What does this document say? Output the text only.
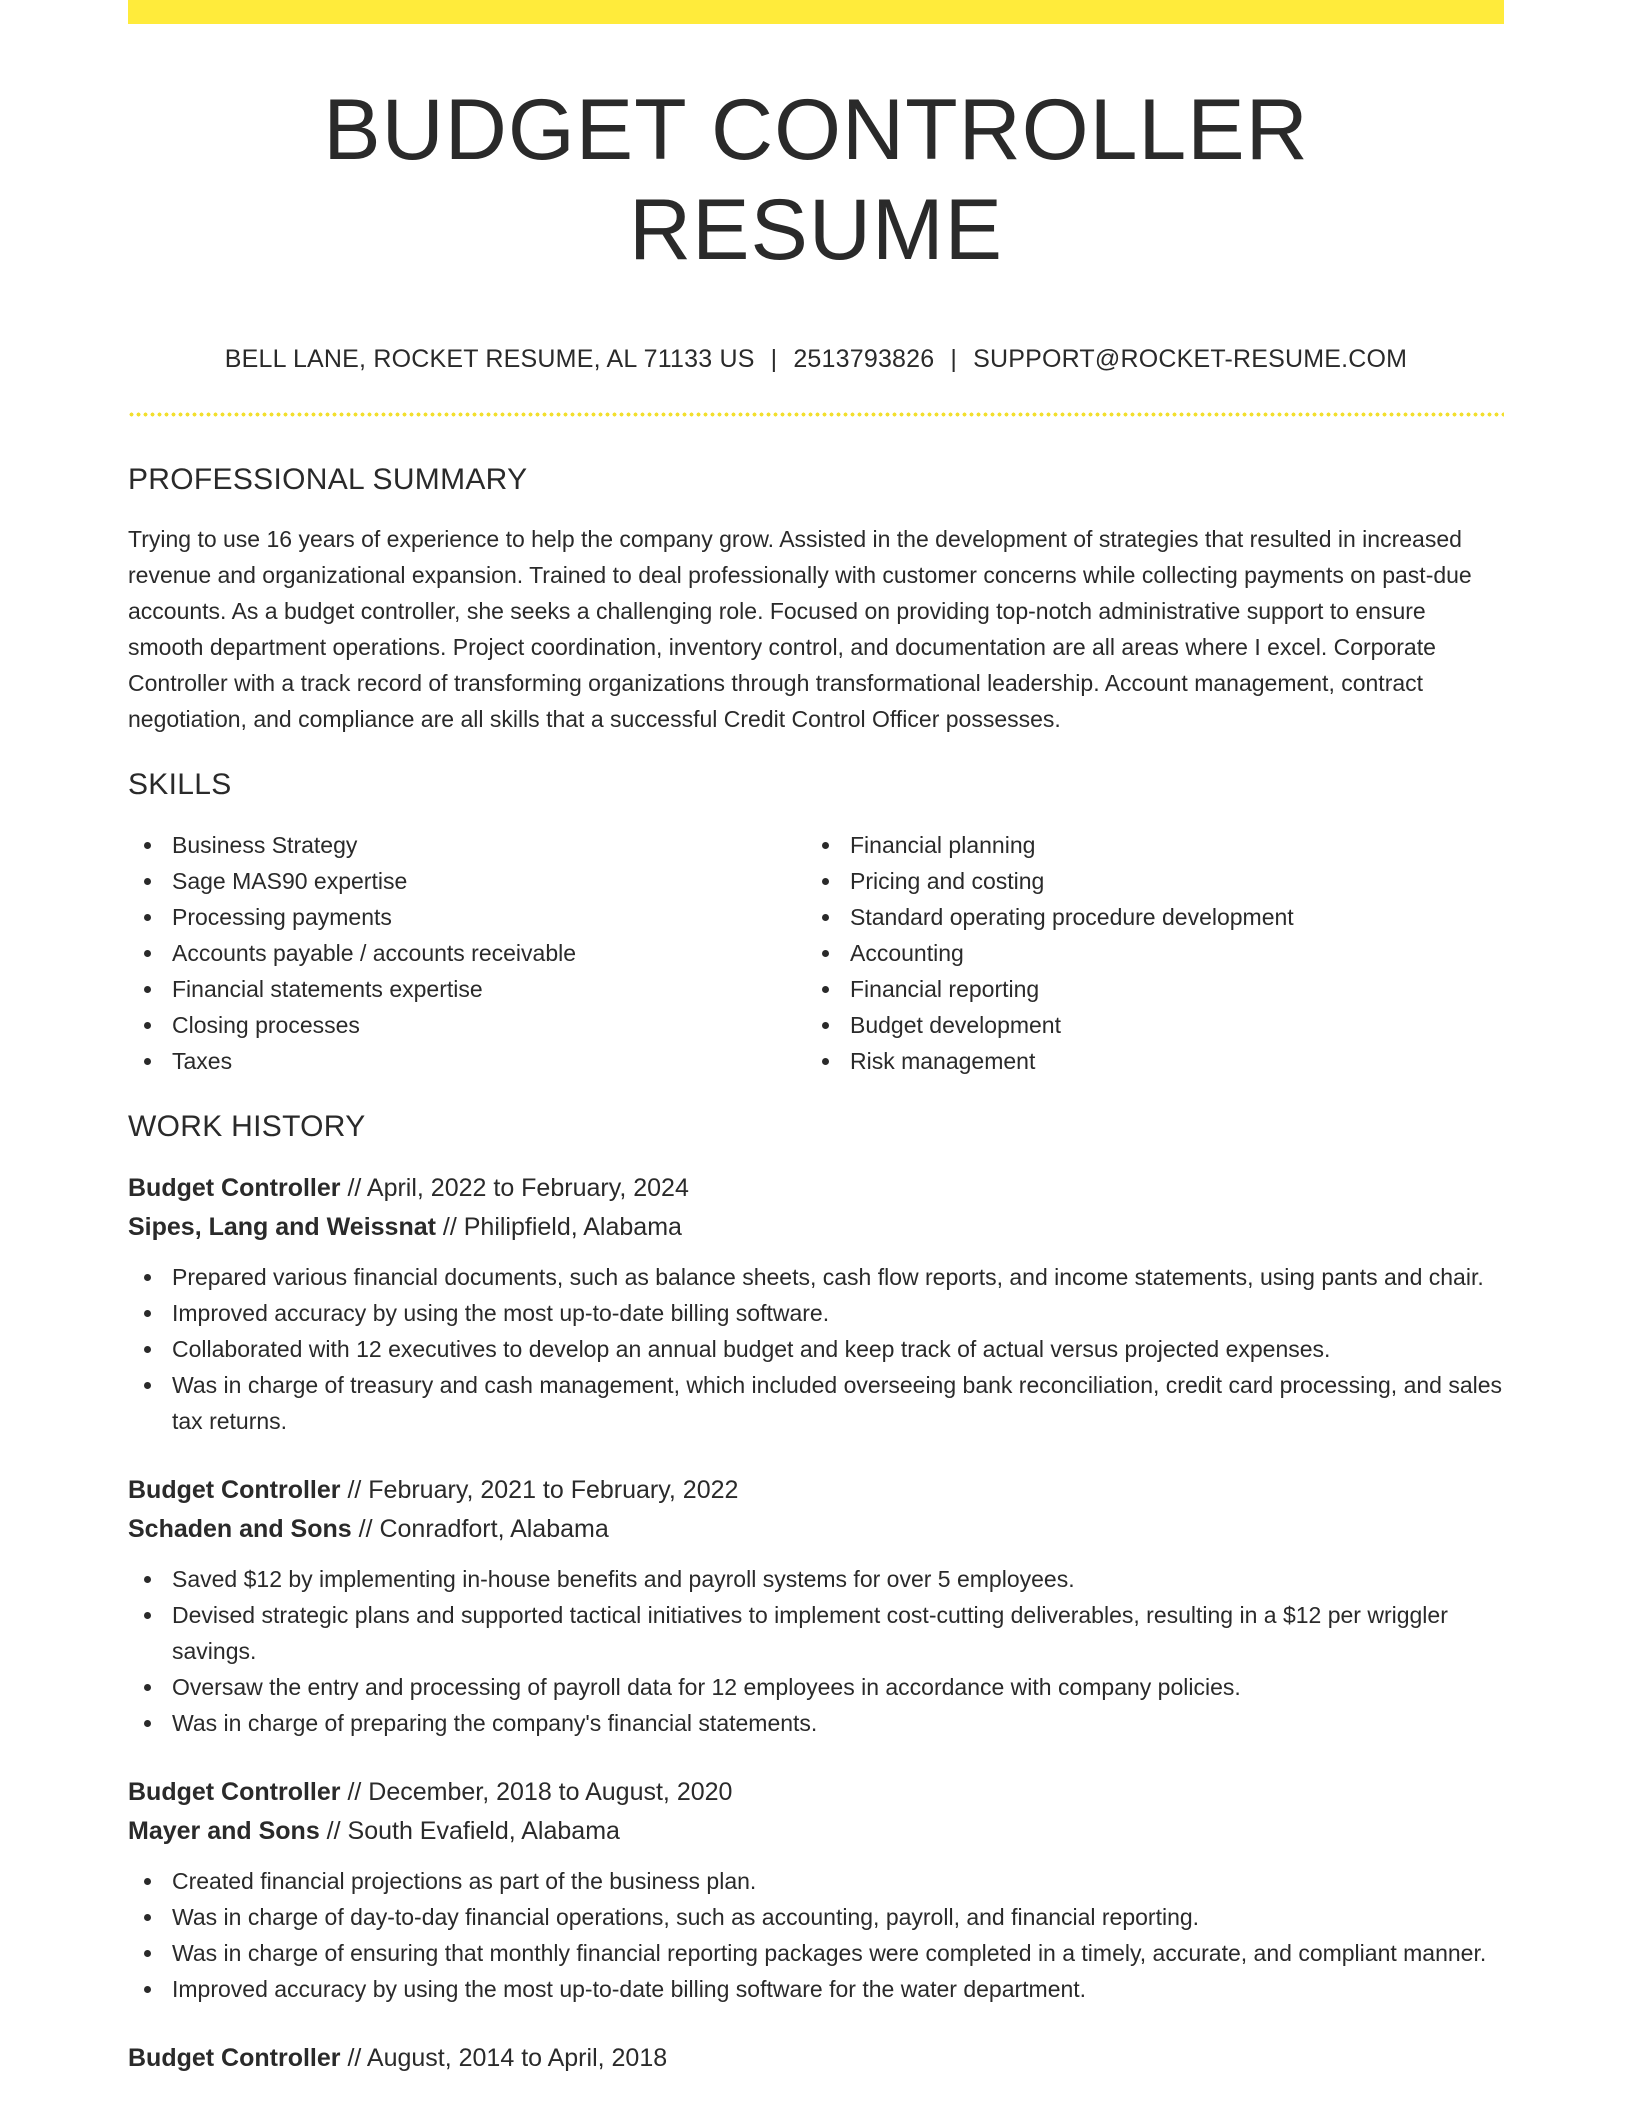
BUDGET CONTROLLER RESUME
BELL LANE, ROCKET RESUME, AL 71133 US | 2513793826 | SUPPORT@ROCKET-RESUME.COM
PROFESSIONAL SUMMARY

Trying to use 16 years of experience to help the company grow. Assisted in the development of strategies that resulted in increased revenue and organizational expansion. Trained to deal professionally with customer concerns while collecting payments on past-due accounts. As a budget controller, she seeks a challenging role. Focused on providing top-notch administrative support to ensure smooth department operations. Project coordination, inventory control, and documentation are all areas where I excel. Corporate Controller with a track record of transforming organizations through transformational leadership. Account management, contract negotiation, and compliance are all skills that a successful Credit Control Officer possesses.

SKILLS
Business Strategy
Sage MAS90 expertise
Processing payments
Accounts payable / accounts receivable
Financial statements expertise
Closing processes
Taxes
Financial planning
Pricing and costing
Standard operating procedure development
Accounting
Financial reporting
Budget development
Risk management
WORK HISTORY
Budget Controller // April, 2022 to February, 2024
Sipes, Lang and Weissnat // Philipfield, Alabama
Prepared various financial documents, such as balance sheets, cash flow reports, and income statements, using pants and chair.
Improved accuracy by using the most up-to-date billing software.
Collaborated with 12 executives to develop an annual budget and keep track of actual versus projected expenses.
Was in charge of treasury and cash management, which included overseeing bank reconciliation, credit card processing, and sales tax returns.
Budget Controller // February, 2021 to February, 2022
Schaden and Sons // Conradfort, Alabama
Saved $12 by implementing in-house benefits and payroll systems for over 5 employees.
Devised strategic plans and supported tactical initiatives to implement cost-cutting deliverables, resulting in a $12 per wriggler savings.
Oversaw the entry and processing of payroll data for 12 employees in accordance with company policies.
Was in charge of preparing the company's financial statements.
Budget Controller // December, 2018 to August, 2020
Mayer and Sons // South Evafield, Alabama
Created financial projections as part of the business plan.
Was in charge of day-to-day financial operations, such as accounting, payroll, and financial reporting.
Was in charge of ensuring that monthly financial reporting packages were completed in a timely, accurate, and compliant manner.
Improved accuracy by using the most up-to-date billing software for the water department.
Budget Controller // August, 2014 to April, 2018
